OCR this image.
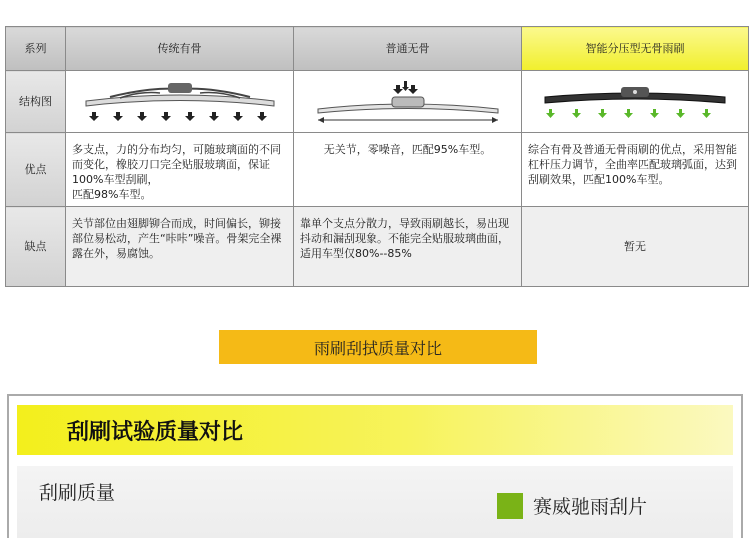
系列	传统有骨	普通无骨	智能分压型无骨雨刷
结构图	

优点	多支点，力的分布均匀，可随玻璃面的不同而变化，橡胶刀口完全贴服玻璃面，保证100%车型刮刷，
匹配98%车型。	无关节，零噪音，匹配95%车型。	综合有骨及普通无骨雨刷的优点，采用智能杠杆压力调节，全曲率匹配玻璃弧面，达到刮刷效果，匹配100%车型。
缺点	关节部位由翅脚铆合而成，时间偏长，铆接部位易松动，产生“咔咔”噪音。骨架完全裸露在外，易腐蚀。	靠单个支点分散力，导致雨刷越长，易出现抖动和漏刮现象。不能完全贴服玻璃曲面，适用车型仅80%--85%	暂无
雨刷 刮拭质量对比
刮刷试验质量对比
刮刷质量
赛威驰雨刮片
